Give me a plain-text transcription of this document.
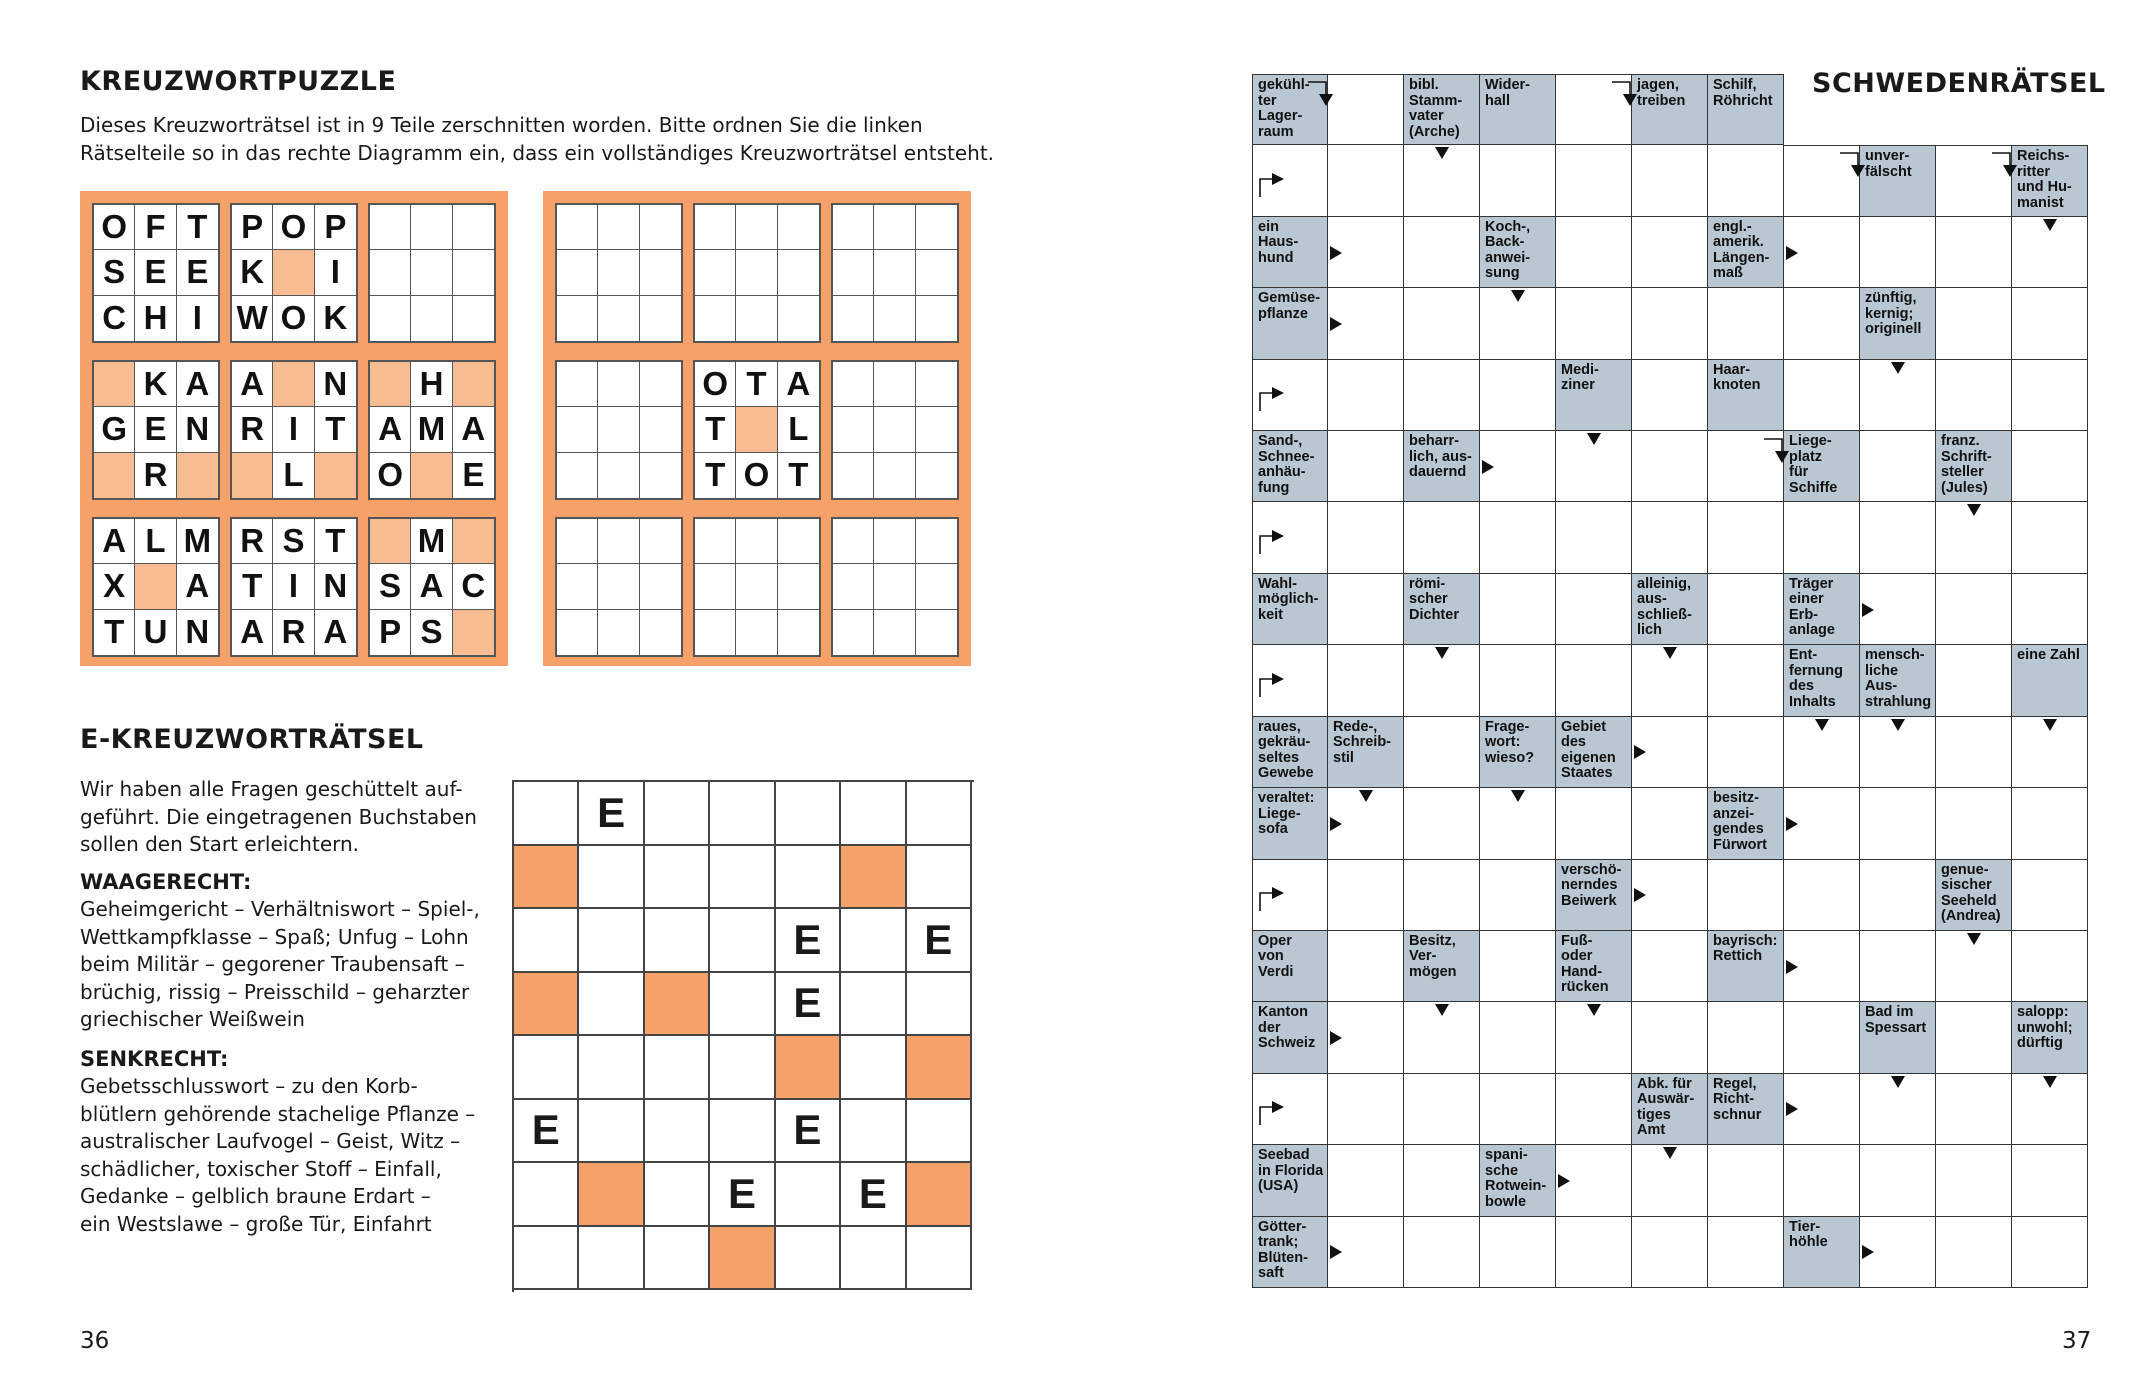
KREUZWORTPUZZLE
Dieses Kreuzworträtsel ist in 9 Teile zerschnitten worden. Bitte ordnen Sie die linken
Rätselteile so in das rechte Diagramm ein, dass ein vollständiges Kreuzworträtsel entsteht.
O F T
S E E
C H I
P O P
K	I
W O K
K A
G E N
R
A N
R I T
L
H
A M A
O E
A L M
X	A
T U N
R S T
T I N
A R A
M
S A C
P S
O T A
T	L
T O T
E-KREUZWORTRÄTSEL
Wir haben alle Fragen geschüttelt auf-
geführt. Die eingetragenen Buchstaben
sollen den Start erleichtern.
WAAGERECHT:
Geheimgericht – Verhältniswort – Spiel-,
Wettkampfklasse – Spaß; Unfug – Lohn
beim Militär – gegorener Traubensaft –
brüchig, rissig – Preisschild – geharzter
griechischer Weißwein
SENKRECHT:
Gebetsschlusswort – zu den Korb-
blütlern gehörende stachelige Pflanze –
australischer Laufvogel – Geist, Witz –
schädlicher, toxischer Stoff – Einfall,
Gedanke – gelblich braune Erdart –
ein Westslawe – große Tür, Einfahrt
E
E	E
E
E	E
E	E
36
gekühl-
ter
Lager-
raum
bibl.
Stamm-
vater
(Arche)
Wider-
hall
jagen,
treiben
Schilf,
Röhricht
unver-
fälscht
Reichs-
ritter
und Hu-
manist
ein
Haus-
hund
Koch-,
Back-
anwei-
sung
engl.-
amerik.
Längen-
maß
Gemüse-
pflanze
zünftig,
kernig;
originell
Medi-
ziner
Haar-
knoten
Sand-,
Schnee-
anhäu-
fung
beharr-
lich, aus-
dauernd
Liege-
platz
für
Schiffe
franz.
Schrift-
steller
(Jules)
Wahl-
möglich-
keit
römi-
scher
Dichter
alleinig,
aus-
schließ-
lich
Träger
einer
Erb-
anlage
Ent-
fernung
des
Inhalts
mensch-
liche Aus-
strahlung
eine Zahl
raues,
gekräu-
seltes
Gewebe
Rede-,
Schreib-
stil
Frage-
wort:
wieso?
Gebiet
des
eigenen
Staates
veraltet:
Liege-
sofa
besitz-
anzei-
gendes
Fürwort
verschö-
nerndes
Beiwerk
genue-
sischer
Seeheld
(Andrea)
Oper
von
Verdi
Besitz,
Ver-
mögen
Fuß-
oder
Hand-
rücken
bayrisch:
Rettich
Kanton
der
Schweiz
Bad im
Spessart
salopp:
unwohl;
dürftig
Abk. für
Auswär-
tiges
Amt
Regel,
Richt-
schnur
Seebad
in Florida
(USA)
spani-
sche
Rotwein-
bowle
Götter-
trank;
Blüten-
saft
Tier-
höhle
SCHWEDENRÄTSEL
37
